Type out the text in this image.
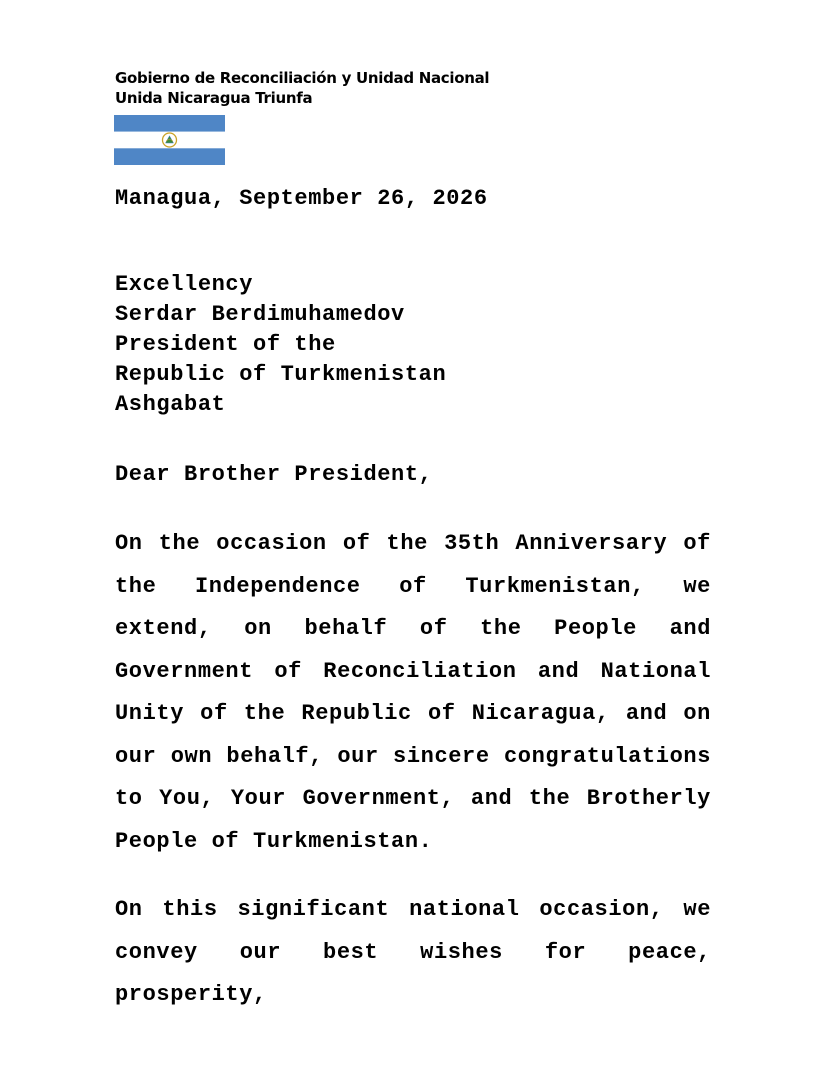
Gobierno de Reconciliación y Unidad Nacional
Unida Nicaragua Triunfa
Managua, September 26, 2026
Excellency
Serdar Berdimuhamedov
President of the
Republic of Turkmenistan
Ashgabat
Dear Brother President,

On the occasion of the 35th Anniversary of the Independence of Turkmenistan, we extend, on behalf of the People and Government of Reconciliation and National Unity of the Republic of Nicaragua, and on our own behalf, our sincere congratulations to You, Your Government, and the Brotherly People of Turkmenistan.

On this significant national occasion, we convey our best wishes for peace, prosperity,
